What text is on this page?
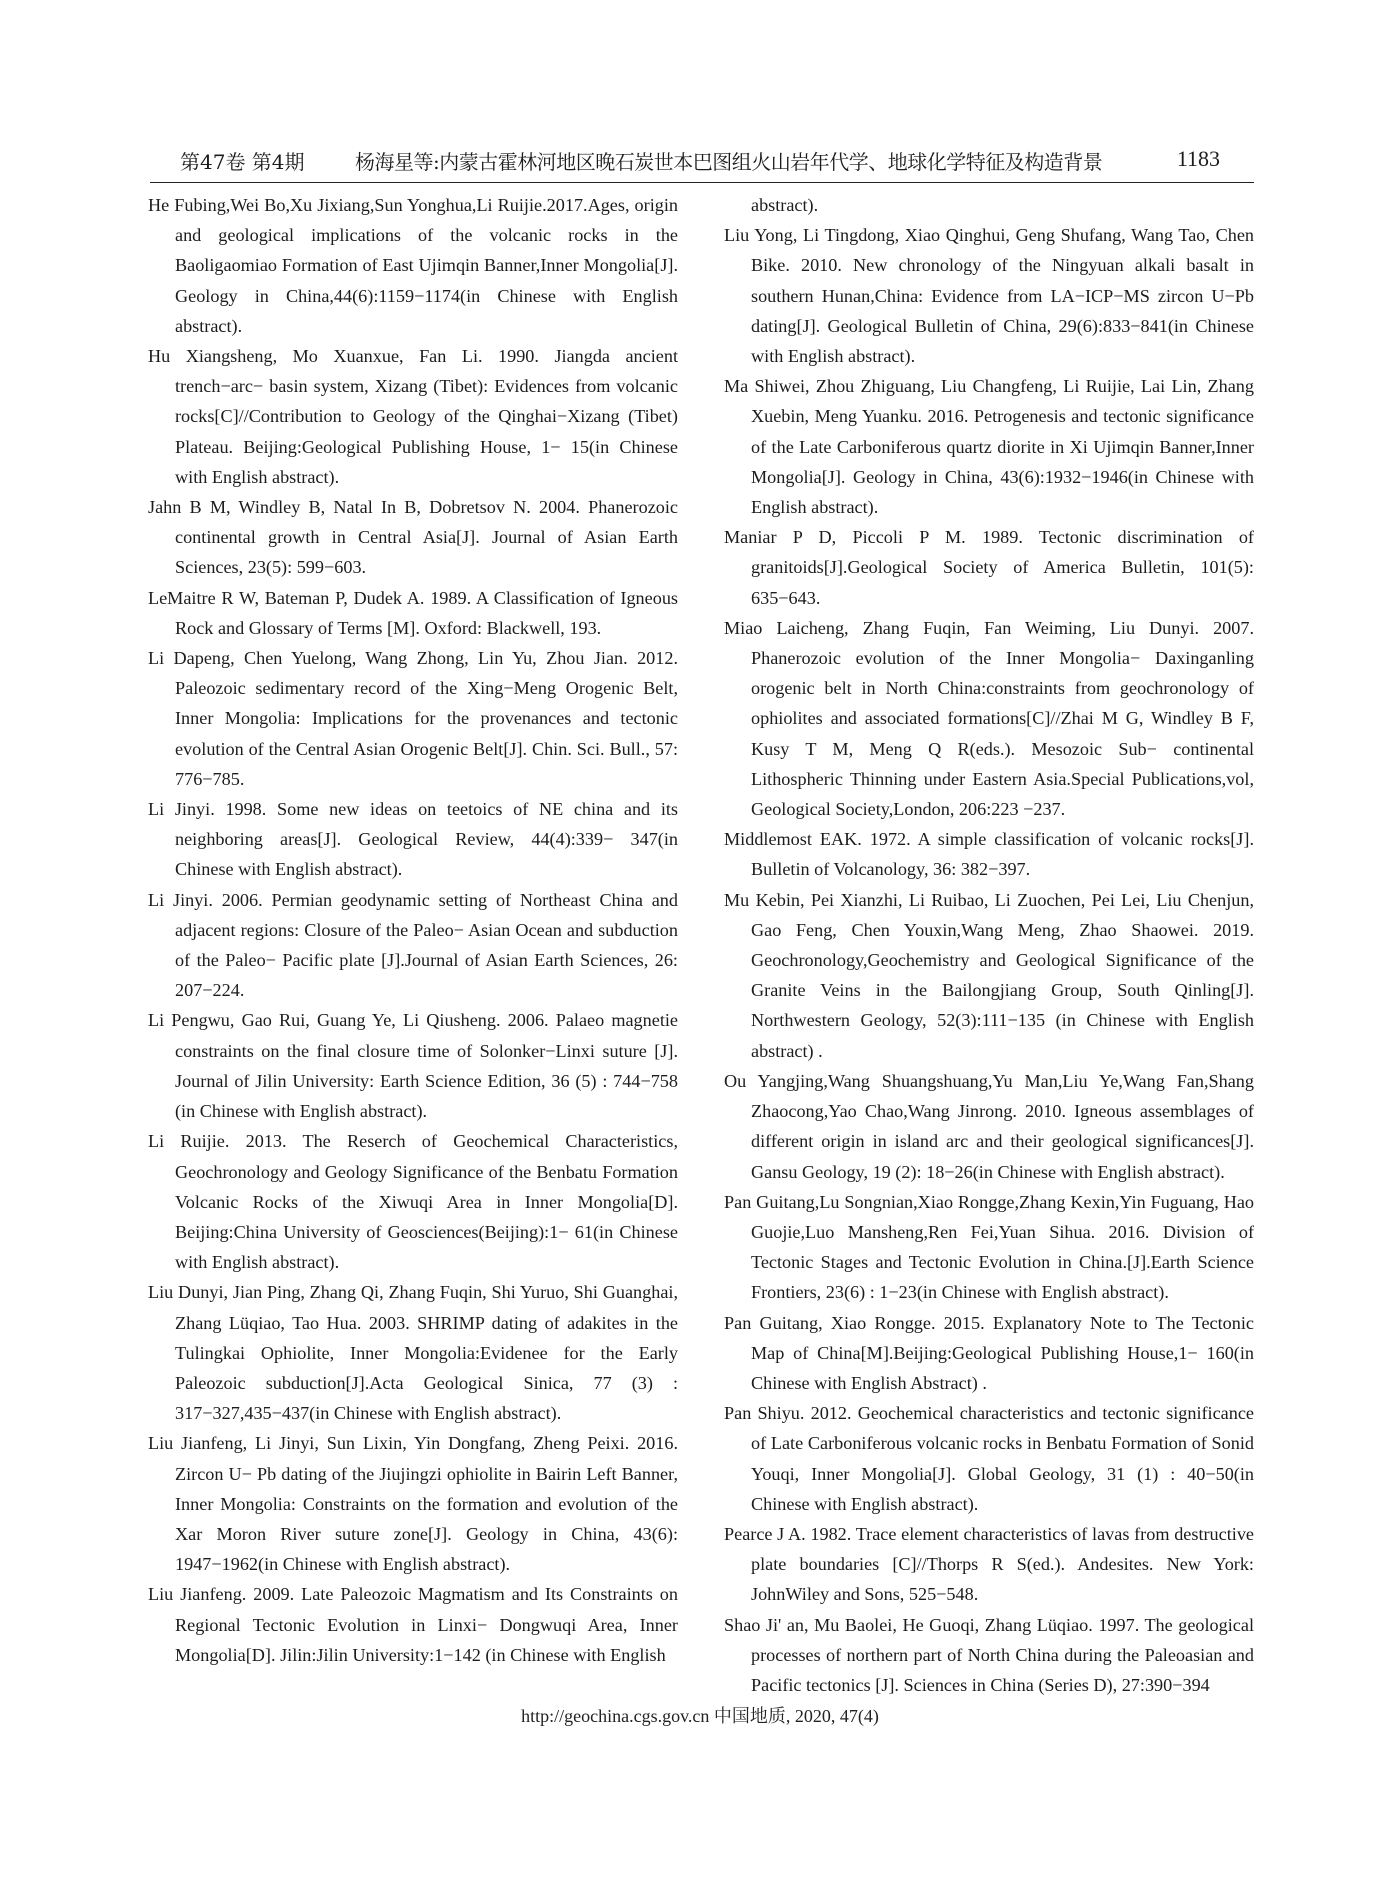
第47卷 第4期	杨海星等:内蒙古霍林河地区晚石炭世本巴图组火山岩年代学、地球化学特征及构造背景	1183

He Fubing,Wei Bo,Xu Jixiang,Sun Yonghua,Li Ruijie.2017.Ages, origin and geological implications of the volcanic rocks in the Baoligaomiao Formation of East Ujimqin Banner,Inner Mongolia[J]. Geology in China,44(6):1159−1174(in Chinese with English abstract).

Hu Xiangsheng, Mo Xuanxue, Fan Li. 1990. Jiangda ancient trench−arc− basin system, Xizang (Tibet): Evidences from volcanic rocks[C]//Contribution to Geology of the Qinghai−Xizang (Tibet) Plateau. Beijing:Geological Publishing House, 1− 15(in Chinese with English abstract).

Jahn B M, Windley B, Natal In B, Dobretsov N. 2004. Phanerozoic continental growth in Central Asia[J]. Journal of Asian Earth Sciences, 23(5): 599−603.

LeMaitre R W, Bateman P, Dudek A. 1989. A Classification of Igneous Rock and Glossary of Terms [M]. Oxford: Blackwell, 193.

Li Dapeng, Chen Yuelong, Wang Zhong, Lin Yu, Zhou Jian. 2012. Paleozoic sedimentary record of the Xing−Meng Orogenic Belt, Inner Mongolia: Implications for the provenances and tectonic evolution of the Central Asian Orogenic Belt[J]. Chin. Sci. Bull., 57: 776−785.

Li Jinyi. 1998. Some new ideas on teetoics of NE china and its neighboring areas[J]. Geological Review, 44(4):339− 347(in Chinese with English abstract).

Li Jinyi. 2006. Permian geodynamic setting of Northeast China and adjacent regions: Closure of the Paleo− Asian Ocean and subduction of the Paleo− Pacific plate [J].Journal of Asian Earth Sciences, 26: 207−224.

Li Pengwu, Gao Rui, Guang Ye, Li Qiusheng. 2006. Palaeo magnetie constraints on the final closure time of Solonker−Linxi suture [J]. Journal of Jilin University: Earth Science Edition, 36 (5) : 744−758 (in Chinese with English abstract).

Li Ruijie. 2013. The Reserch of Geochemical Characteristics, Geochronology and Geology Significance of the Benbatu Formation Volcanic Rocks of the Xiwuqi Area in Inner Mongolia[D]. Beijing:China University of Geosciences(Beijing):1− 61(in Chinese with English abstract).

Liu Dunyi, Jian Ping, Zhang Qi, Zhang Fuqin, Shi Yuruo, Shi Guanghai, Zhang Lüqiao, Tao Hua. 2003. SHRIMP dating of adakites in the Tulingkai Ophiolite, Inner Mongolia:Evidenee for the Early Paleozoic subduction[J].Acta Geological Sinica, 77 (3) : 317−327,435−437(in Chinese with English abstract).

Liu Jianfeng, Li Jinyi, Sun Lixin, Yin Dongfang, Zheng Peixi. 2016. Zircon U− Pb dating of the Jiujingzi ophiolite in Bairin Left Banner, Inner Mongolia: Constraints on the formation and evolution of the Xar Moron River suture zone[J]. Geology in China, 43(6): 1947−1962(in Chinese with English abstract).

Liu Jianfeng. 2009. Late Paleozoic Magmatism and Its Constraints on Regional Tectonic Evolution in Linxi− Dongwuqi Area, Inner Mongolia[D]. Jilin:Jilin University:1−142 (in Chinese with English

abstract).

Liu Yong, Li Tingdong, Xiao Qinghui, Geng Shufang, Wang Tao, Chen Bike. 2010. New chronology of the Ningyuan alkali basalt in southern Hunan,China: Evidence from LA−ICP−MS zircon U−Pb dating[J]. Geological Bulletin of China, 29(6):833−841(in Chinese with English abstract).

Ma Shiwei, Zhou Zhiguang, Liu Changfeng, Li Ruijie, Lai Lin, Zhang Xuebin, Meng Yuanku. 2016. Petrogenesis and tectonic significance of the Late Carboniferous quartz diorite in Xi Ujimqin Banner,Inner Mongolia[J]. Geology in China, 43(6):1932−1946(in Chinese with English abstract).

Maniar P D, Piccoli P M. 1989. Tectonic discrimination of granitoids[J].Geological Society of America Bulletin, 101(5): 635−643.

Miao Laicheng, Zhang Fuqin, Fan Weiming, Liu Dunyi. 2007. Phanerozoic evolution of the Inner Mongolia− Daxinganling orogenic belt in North China:constraints from geochronology of ophiolites and associated formations[C]//Zhai M G, Windley B F, Kusy T M, Meng Q R(eds.). Mesozoic Sub− continental Lithospheric Thinning under Eastern Asia.Special Publications,vol, Geological Society,London, 206:223 −237.

Middlemost EAK. 1972. A simple classification of volcanic rocks[J]. Bulletin of Volcanology, 36: 382−397.

Mu Kebin, Pei Xianzhi, Li Ruibao, Li Zuochen, Pei Lei, Liu Chenjun, Gao Feng, Chen Youxin,Wang Meng, Zhao Shaowei. 2019. Geochronology,Geochemistry and Geological Significance of the Granite Veins in the Bailongjiang Group, South Qinling[J]. Northwestern Geology, 52(3):111−135 (in Chinese with English abstract) .

Ou Yangjing,Wang Shuangshuang,Yu Man,Liu Ye,Wang Fan,Shang Zhaocong,Yao Chao,Wang Jinrong. 2010. Igneous assemblages of different origin in island arc and their geological significances[J]. Gansu Geology, 19 (2): 18−26(in Chinese with English abstract).

Pan Guitang,Lu Songnian,Xiao Rongge,Zhang Kexin,Yin Fuguang, Hao Guojie,Luo Mansheng,Ren Fei,Yuan Sihua. 2016. Division of Tectonic Stages and Tectonic Evolution in China.[J].Earth Science Frontiers, 23(6) : 1−23(in Chinese with English abstract).

Pan Guitang, Xiao Rongge. 2015. Explanatory Note to The Tectonic Map of China[M].Beijing:Geological Publishing House,1− 160(in Chinese with English Abstract) .

Pan Shiyu. 2012. Geochemical characteristics and tectonic significance of Late Carboniferous volcanic rocks in Benbatu Formation of Sonid Youqi, Inner Mongolia[J]. Global Geology, 31 (1) : 40−50(in Chinese with English abstract).

Pearce J A. 1982. Trace element characteristics of lavas from destructive plate boundaries [C]//Thorps R S(ed.). Andesites. New York: JohnWiley and Sons, 525−548.

Shao Ji' an, Mu Baolei, He Guoqi, Zhang Lüqiao. 1997. The geological processes of northern part of North China during the Paleoasian and Pacific tectonics [J]. Sciences in China (Series D), 27:390−394

http://geochina.cgs.gov.cn 中国地质, 2020, 47(4)
